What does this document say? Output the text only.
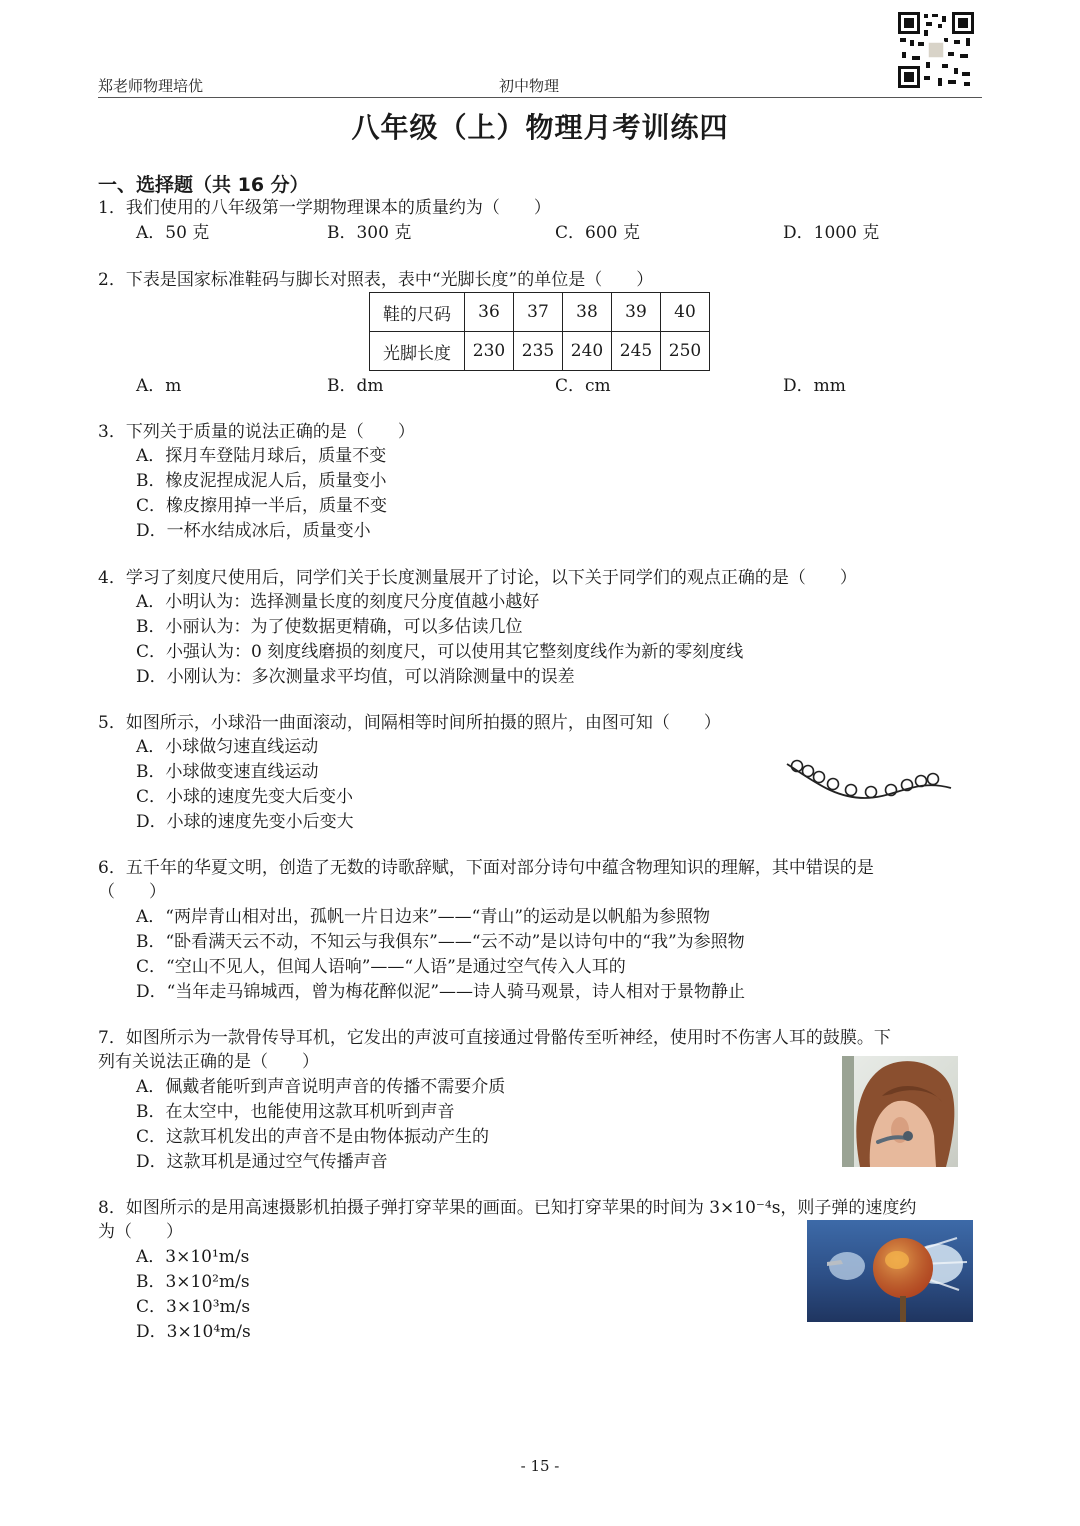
郑老师物理培优	初中物理
八年级（上）物理月考训练四
一、选择题（共 16 分）
1．我们使用的八年级第一学期物理课本的质量约为（　　）
A．50 克	B．300 克	C．600 克	D．1000 克
2．下表是国家标准鞋码与脚长对照表，表中“光脚长度”的单位是（　　）
鞋的尺码	36	37	38	39	40
光脚长度	230	235	240	245	250
A．m	B．dm	C．cm	D．mm
3．下列关于质量的说法正确的是（　　）
A．探月车登陆月球后，质量不变
B．橡皮泥捏成泥人后，质量变小
C．橡皮擦用掉一半后，质量不变
D．一杯水结成冰后，质量变小
4．学习了刻度尺使用后，同学们关于长度测量展开了讨论，以下关于同学们的观点正确的是（　　）
A．小明认为：选择测量长度的刻度尺分度值越小越好
B．小丽认为：为了使数据更精确，可以多估读几位
C．小强认为：0 刻度线磨损的刻度尺，可以使用其它整刻度线作为新的零刻度线
D．小刚认为：多次测量求平均值，可以消除测量中的误差
5．如图所示，小球沿一曲面滚动，间隔相等时间所拍摄的照片，由图可知（　　）
A．小球做匀速直线运动
B．小球做变速直线运动
C．小球的速度先变大后变小
D．小球的速度先变小后变大
6．五千年的华夏文明，创造了无数的诗歌辞赋，下面对部分诗句中蕴含物理知识的理解，其中错误的是
（　　）
A．“两岸青山相对出，孤帆一片日边来”——“青山”的运动是以帆船为参照物
B．“卧看满天云不动，不知云与我俱东”——“云不动”是以诗句中的“我”为参照物
C．“空山不见人，但闻人语响”——“人语”是通过空气传入人耳的
D．“当年走马锦城西，曾为梅花醉似泥”——诗人骑马观景，诗人相对于景物静止
7．如图所示为一款骨传导耳机，它发出的声波可直接通过骨骼传至听神经，使用时不伤害人耳的鼓膜。下
列有关说法正确的是（　　）
A．佩戴者能听到声音说明声音的传播不需要介质
B．在太空中，也能使用这款耳机听到声音
C．这款耳机发出的声音不是由物体振动产生的
D．这款耳机是通过空气传播声音
8．如图所示的是用高速摄影机拍摄子弹打穿苹果的画面。已知打穿苹果的时间为 3×10⁻⁴s，则子弹的速度约
为（　　）
A．3×10¹m/s
B．3×10²m/s
C．3×10³m/s
D．3×10⁴m/s
- 15 -
